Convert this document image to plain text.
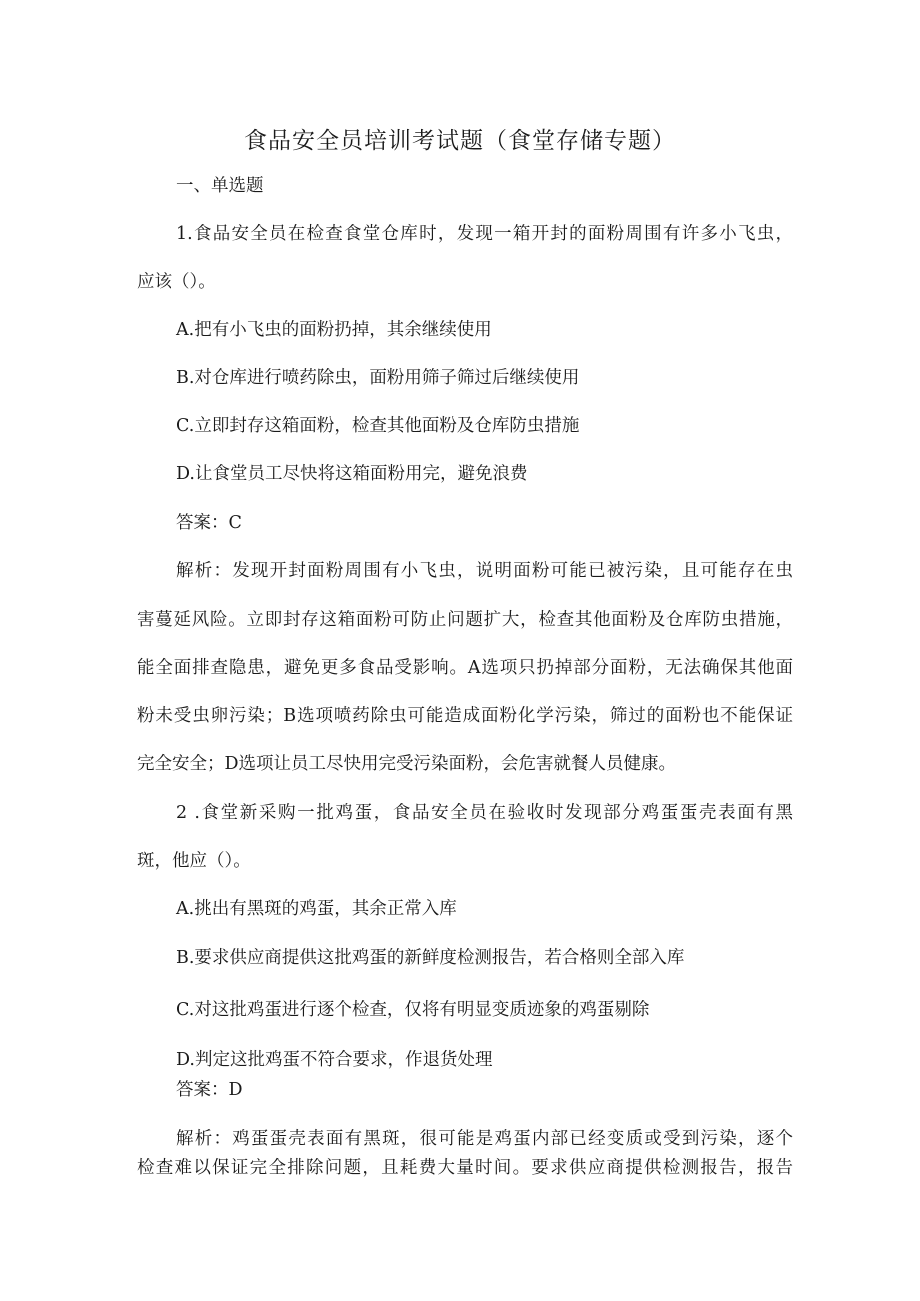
食品安全员培训考试题（食堂存储专题）
一、单选题
1.食品安全员在检查食堂仓库时，发现一箱开封的面粉周围有许多小飞虫，
应该（）。
A.把有小飞虫的面粉扔掉，其余继续使用
B.对仓库进行喷药除虫，面粉用筛子筛过后继续使用
C.立即封存这箱面粉，检查其他面粉及仓库防虫措施
D.让食堂员工尽快将这箱面粉用完，避免浪费
答案：C
解析：发现开封面粉周围有小飞虫，说明面粉可能已被污染，且可能存在虫
害蔓延风险。立即封存这箱面粉可防止问题扩大，检查其他面粉及仓库防虫措施，
能全面排查隐患，避免更多食品受影响。A选项只扔掉部分面粉，无法确保其他面
粉未受虫卵污染；B选项喷药除虫可能造成面粉化学污染，筛过的面粉也不能保证
完全安全；D选项让员工尽快用完受污染面粉，会危害就餐人员健康。
2 .食堂新采购一批鸡蛋，食品安全员在验收时发现部分鸡蛋蛋壳表面有黑
斑，他应（）。
A.挑出有黑斑的鸡蛋，其余正常入库
B.要求供应商提供这批鸡蛋的新鲜度检测报告，若合格则全部入库
C.对这批鸡蛋进行逐个检查，仅将有明显变质迹象的鸡蛋剔除
D.判定这批鸡蛋不符合要求，作退货处理
答案：D
解析：鸡蛋蛋壳表面有黑斑，很可能是鸡蛋内部已经变质或受到污染，逐个
检查难以保证完全排除问题，且耗费大量时间。要求供应商提供检测报告，报告
